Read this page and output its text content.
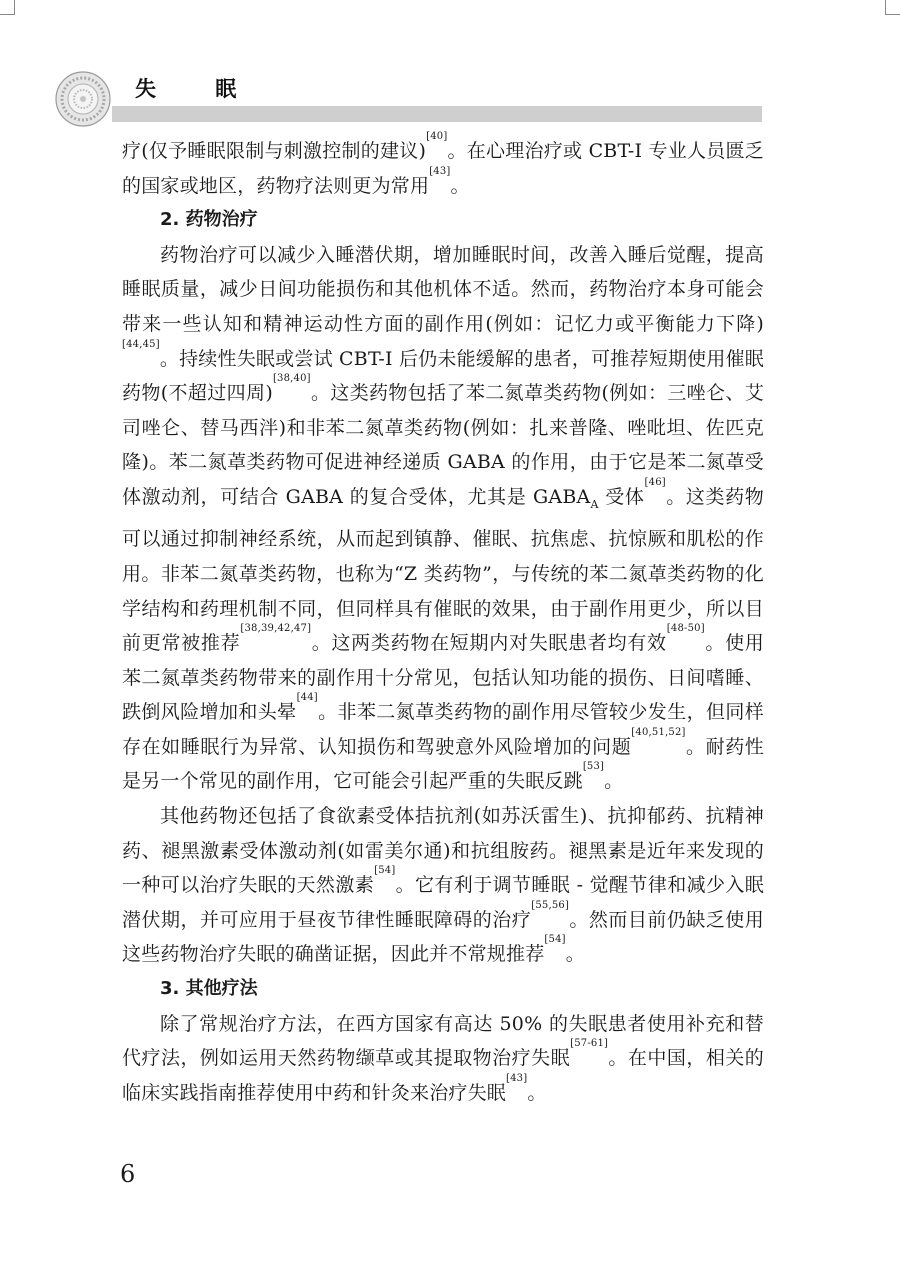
失 眠

疗(仅予睡眠限制与刺激控制的建议)[40]。在心理治疗或 CBT-I 专业人员匮乏的国家或地区，药物疗法则更为常用[43]。

2. 药物治疗

药物治疗可以减少入睡潜伏期，增加睡眠时间，改善入睡后觉醒，提高睡眠质量，减少日间功能损伤和其他机体不适。然而，药物治疗本身可能会带来一些认知和精神运动性方面的副作用(例如：记忆力或平衡能力下降)[44,45]。持续性失眠或尝试 CBT-I 后仍未能缓解的患者，可推荐短期使用催眠药物(不超过四周)[38,40]。这类药物包括了苯二氮䓬类药物(例如：三唑仑、艾司唑仑、替马西泮)和非苯二氮䓬类药物(例如：扎来普隆、唑吡坦、佐匹克隆)。苯二氮䓬类药物可促进神经递质 GABA 的作用，由于它是苯二氮䓬受体激动剂，可结合 GABA 的复合受体，尤其是 $GABA_A$ 受体[46]。这类药物可以通过抑制神经系统，从而起到镇静、催眠、抗焦虑、抗惊厥和肌松的作用。非苯二氮䓬类药物，也称为“Z 类药物”，与传统的苯二氮䓬类药物的化学结构和药理机制不同，但同样具有催眠的效果，由于副作用更少，所以目前更常被推荐[38,39,42,47]。这两类药物在短期内对失眠患者均有效[48-50]。使用苯二氮䓬类药物带来的副作用十分常见，包括认知功能的损伤、日间嗜睡、跌倒风险增加和头晕[44]。非苯二氮䓬类药物的副作用尽管较少发生，但同样存在如睡眠行为异常、认知损伤和驾驶意外风险增加的问题[40,51,52]。耐药性是另一个常见的副作用，它可能会引起严重的失眠反跳[53]。

其他药物还包括了食欲素受体拮抗剂(如苏沃雷生)、抗抑郁药、抗精神药、褪黑激素受体激动剂(如雷美尔通)和抗组胺药。褪黑素是近年来发现的一种可以治疗失眠的天然激素[54]。它有利于调节睡眠 - 觉醒节律和减少入眠潜伏期，并可应用于昼夜节律性睡眠障碍的治疗[55,56]。然而目前仍缺乏使用这些药物治疗失眠的确凿证据，因此并不常规推荐[54]。

3. 其他疗法

除了常规治疗方法，在西方国家有高达 50% 的失眠患者使用补充和替代疗法，例如运用天然药物缬草或其提取物治疗失眠[57-61]。在中国，相关的临床实践指南推荐使用中药和针灸来治疗失眠[43]。

6
